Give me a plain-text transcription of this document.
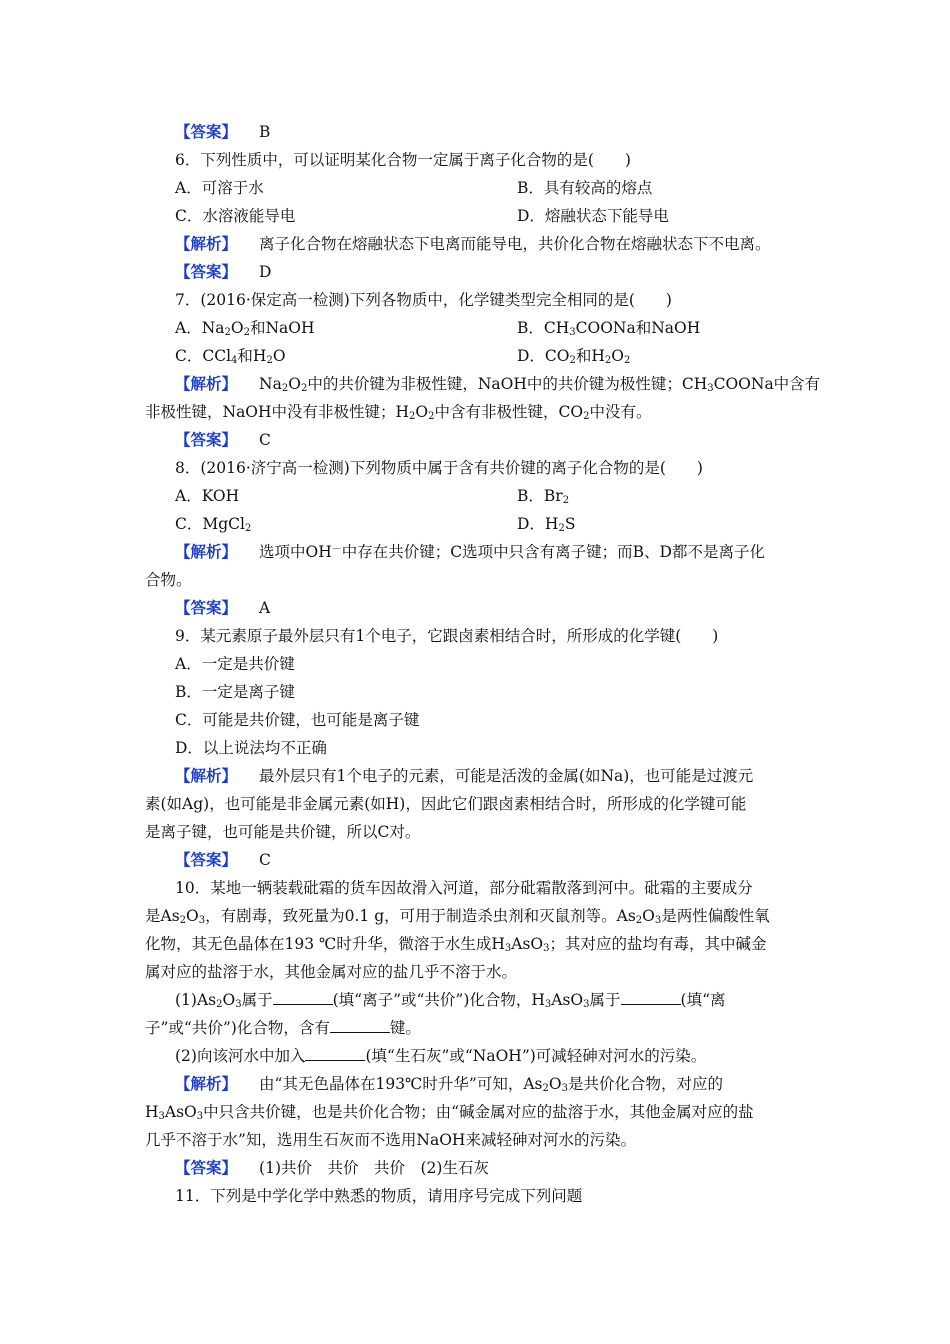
【 答案 】 B
6．下列性质中，可以证明某化合物一定属于离子化合物的是(　　)
A．可溶于水	B．具有较高的熔点
C．水溶液能导电	D．熔融状态下能导电
【 解析 】 离子化合物在熔融状态下电离而能导电，共价化合物在熔融状态下不电离。
【 答案 】 D
7．(2016·保定高一检测)下列各物质中，化学键类型完全相同的是(　　)
A．$Na_2O_2$和NaOH	B．$CH_3COONa$和NaOH
C．CCl$_4$和$H_2O$	D．$CO_2$和$H_2O_2$
【 解析 】 $Na_2O_2$中的共价键为非极性键，NaOH中的共价键为极性键；$CH_3COONa$中含有
非极性键，NaOH中没有非极性键；$H_2O_2$中含有非极性键，$CO_2$中没有。
【 答案 】 C
8．(2016·济宁高一检测)下列物质中属于含有共价键的离子化合物的是(　　)
A．KOH	B．$Br_2$
C．MgCl$_2$	D．$H_2S$
【 解析 】 选项中OH－中存在共价键；C选项中只含有离子键；而B、D都不是离子化
合物。
【 答案 】 A
9．某元素原子最外层只有1个电子，它跟卤素相结合时，所形成的化学键(　　)
A．一定是共价键
B．一定是离子键
C．可能是共价键，也可能是离子键
D．以上说法均不正确
【 解析 】 最外层只有1个电子的元素，可能是活泼的金属(如Na)，也可能是过渡元
素(如Ag)，也可能是非金属元素(如H)，因此它们跟卤素相结合时，所形成的化学键可能
是离子键，也可能是共价键，所以C对。
【 答案 】 C
10．某地一辆装载砒霜的货车因故滑入河道，部分砒霜散落到河中。砒霜的主要成分
是$As_2O_3$，有剧毒，致死量为0.1 g，可用于制造杀虫剂和灭鼠剂等。$As_2O_3$是两性偏酸性氧
化物，其无色晶体在193 ℃时升华，微溶于水生成$H_3AsO_3$；其对应的盐均有毒，其中碱金
属对应的盐溶于水，其他金属对应的盐几乎不溶于水。
$(1)As_2O_3$属于	(填“离子”或“共价”)化合物，$H_3AsO_3$属于	(填“离
子”或“共价”)化合物，含有	键。
(2)向该河水中加入	(填“生石灰”或“NaOH”)可减轻砷对河水的污染。
【 解析 】 由“其无色晶体在193℃时升华”可知，$As_2O_3$是共价化合物，对应的
$H_3AsO_3$中只含共价键，也是共价化合物；由“碱金属对应的盐溶于水，其他金属对应的盐
几乎不溶于水”知，选用生石灰而不选用NaOH来减轻砷对河水的污染。
【 答案 】 (1)共价　共价　共价　(2)生石灰
11．下列是中学化学中熟悉的物质，请用序号完成下列问题
